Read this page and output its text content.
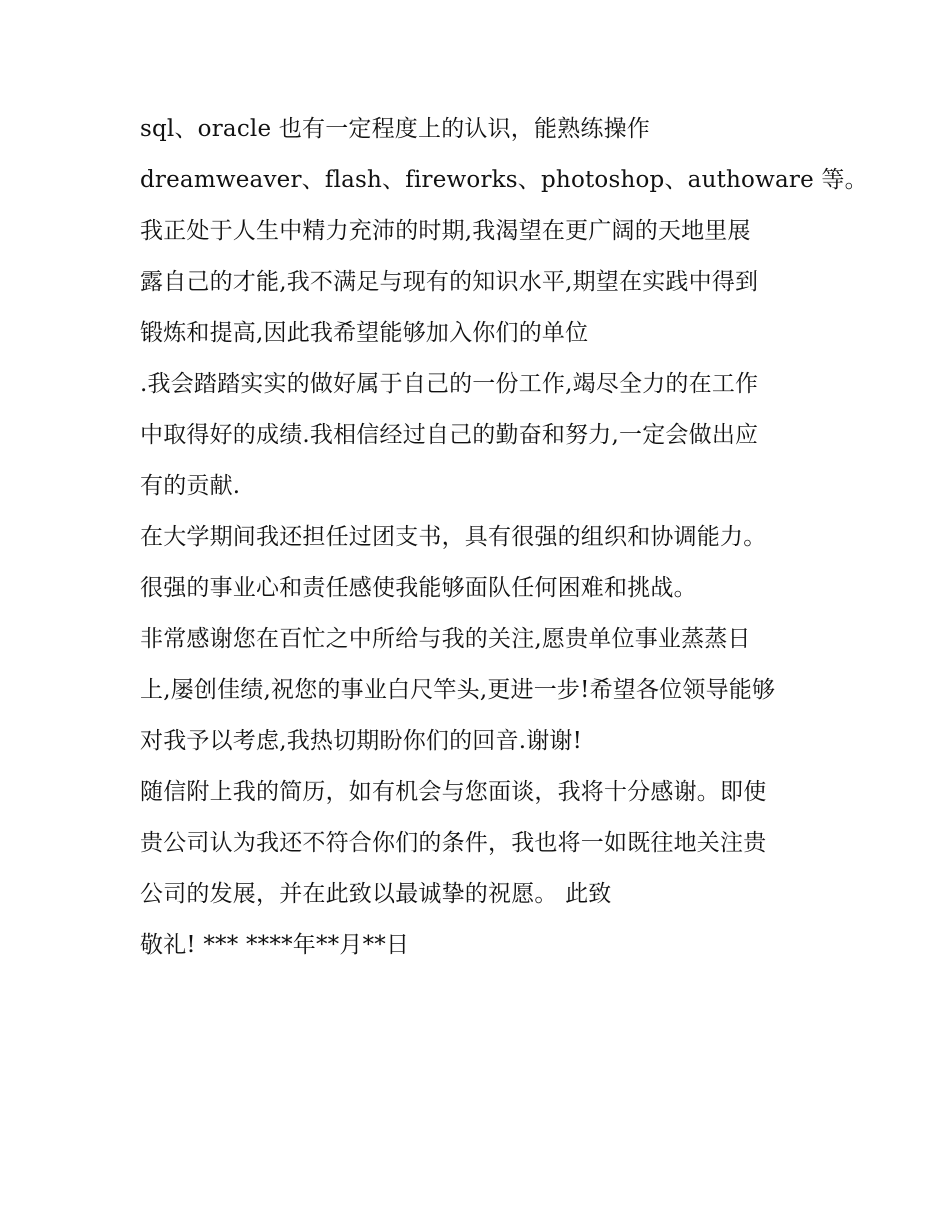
sql、oracle 也有一定程度上的认识，能熟练操作
dreamweaver、flash、fireworks、photoshop、authoware 等。
我正处于人生中精力充沛的时期,我渴望在更广阔的天地里展
露自己的才能,我不满足与现有的知识水平,期望在实践中得到
锻炼和提高,因此我希望能够加入你们的单位
.我会踏踏实实的做好属于自己的一份工作,竭尽全力的在工作
中取得好的成绩.我相信经过自己的勤奋和努力,一定会做出应
有的贡献.
在大学期间我还担任过团支书，具有很强的组织和协调能力。
很强的事业心和责任感使我能够面队任何困难和挑战。
非常感谢您在百忙之中所给与我的关注,愿贵单位事业蒸蒸日
上,屡创佳绩,祝您的事业白尺竿头,更进一步!希望各位领导能够
对我予以考虑,我热切期盼你们的回音.谢谢!
随信附上我的简历，如有机会与您面谈，我将十分感谢。即使
贵公司认为我还不符合你们的条件，我也将一如既往地关注贵
公司的发展，并在此致以最诚挚的祝愿。 此致
敬礼! *** ****年**月**日
